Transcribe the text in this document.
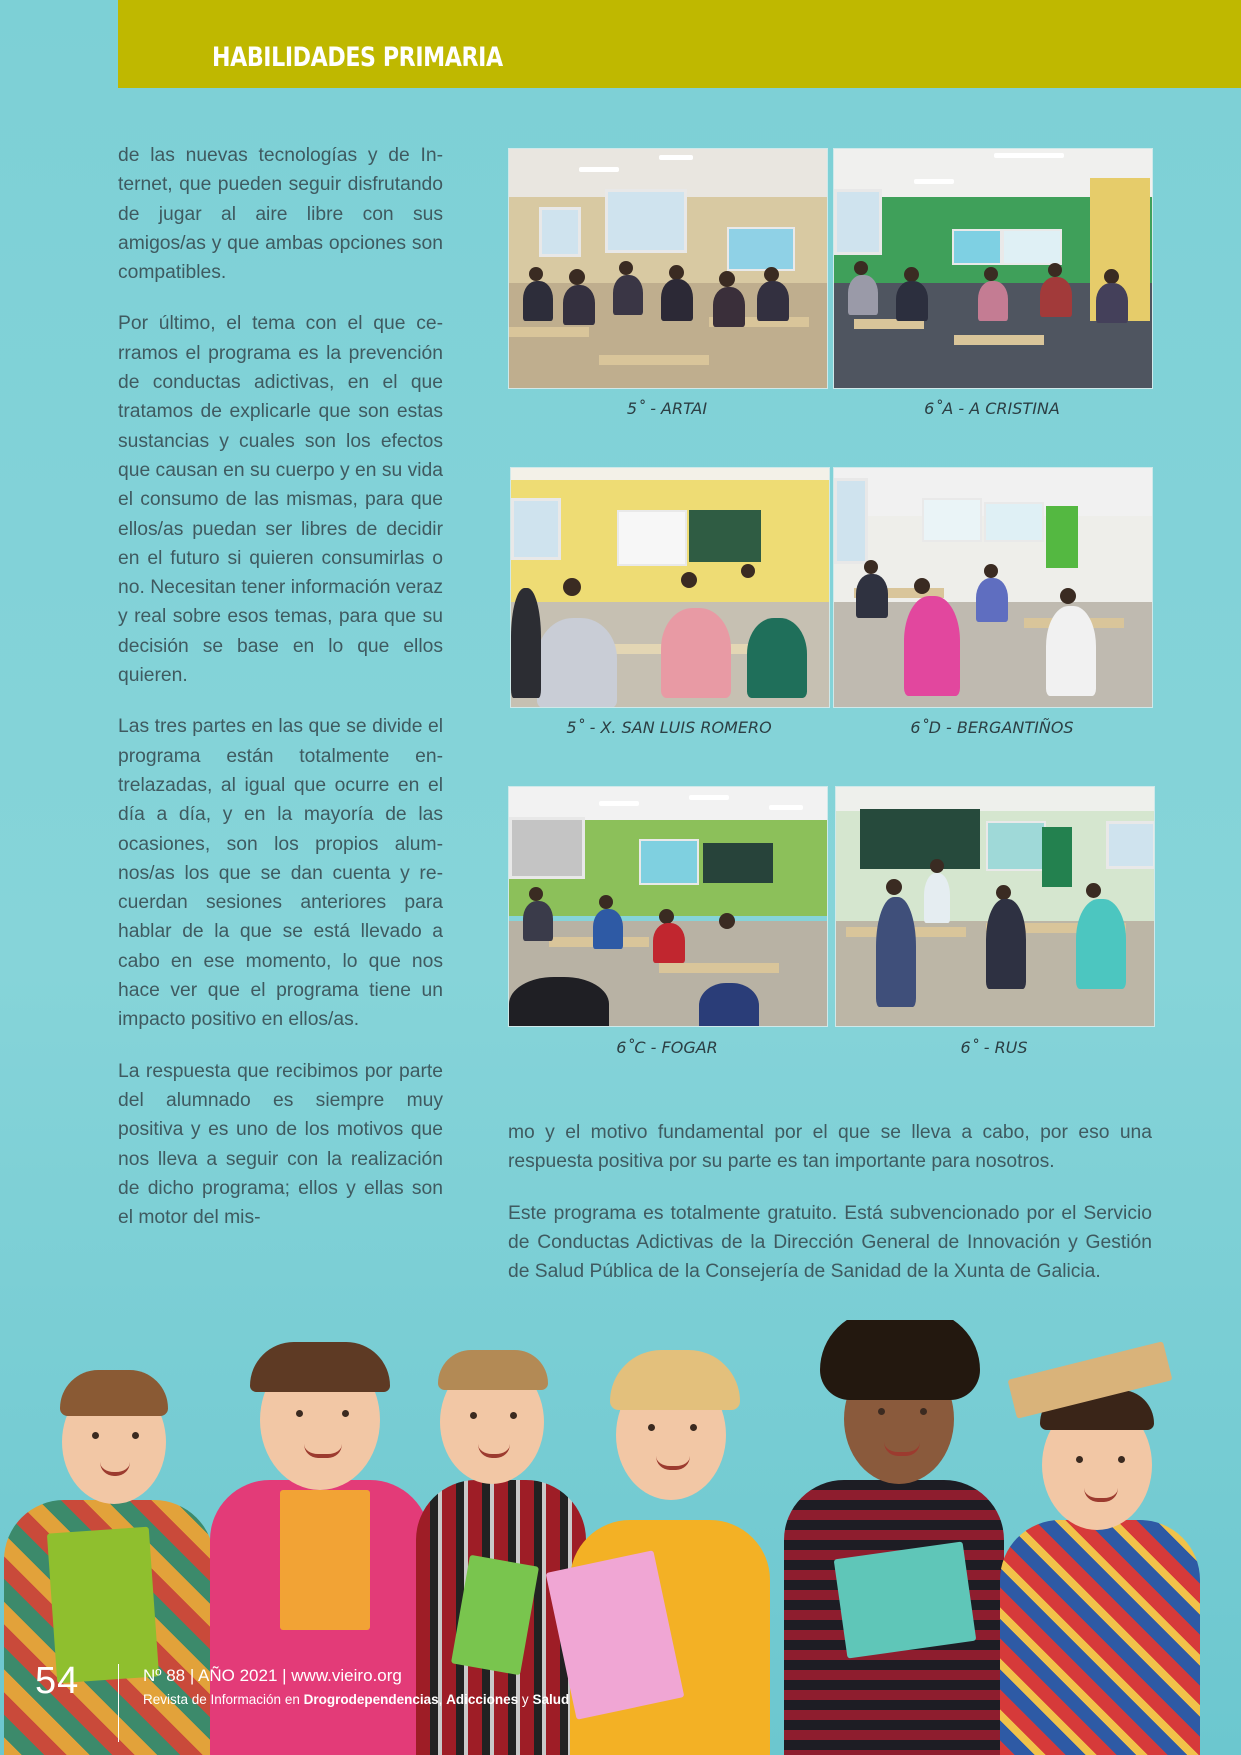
HABILIDADES PRIMARIA

de las nuevas tecnologías y de Internet, que pueden seguir disfrutando de jugar al aire libre con sus amigos/as y que ambas opciones son compatibles.

Por último, el tema con el que cerramos el programa es la prevención de conductas adictivas, en el que tratamos de explicarle que son estas sustancias y cuales son los efectos que causan en su cuerpo y en su vida el consumo de las mismas, para que ellos/as puedan ser libres de decidir en el futuro si quieren consumirlas o no. Necesitan tener información veraz y real sobre esos temas, para que su decisión se base en lo que ellos quieren.

Las tres partes en las que se divide el programa están totalmente entrelazadas, al igual que ocurre en el día a día, y en la mayoría de las ocasiones, son los propios alumnos/as los que se dan cuenta y recuerdan sesiones anteriores para hablar de la que se está llevado a cabo en ese momento, lo que nos hace ver que el programa tiene un impacto positivo en ellos/as.

La respuesta que recibimos por parte del alumnado es siempre muy positiva y es uno de los motivos que nos lleva a seguir con la realización de dicho programa; ellos y ellas son el motor del mis-

5˚ - ARTAI	6˚A - A CRISTINA
5˚ - X. SAN LUIS ROMERO	6˚D - BERGANTIÑOS
6˚C - FOGAR	6˚ - RUS

mo y el motivo fundamental por el que se lleva a cabo, por eso una respuesta positiva por su parte es tan importante para nosotros.

Este programa es totalmente gratuito. Está subvencionado por el Servicio de Conductas Adictivas de la Dirección General de Innovación y Gestión de Salud Pública de la Consejería de Sanidad de la Xunta de Galicia.

54	Nº 88 | AÑO 2021 | www.vieiro.org
Revista de Información en Drogrodependencias, Adicciones y Salud
